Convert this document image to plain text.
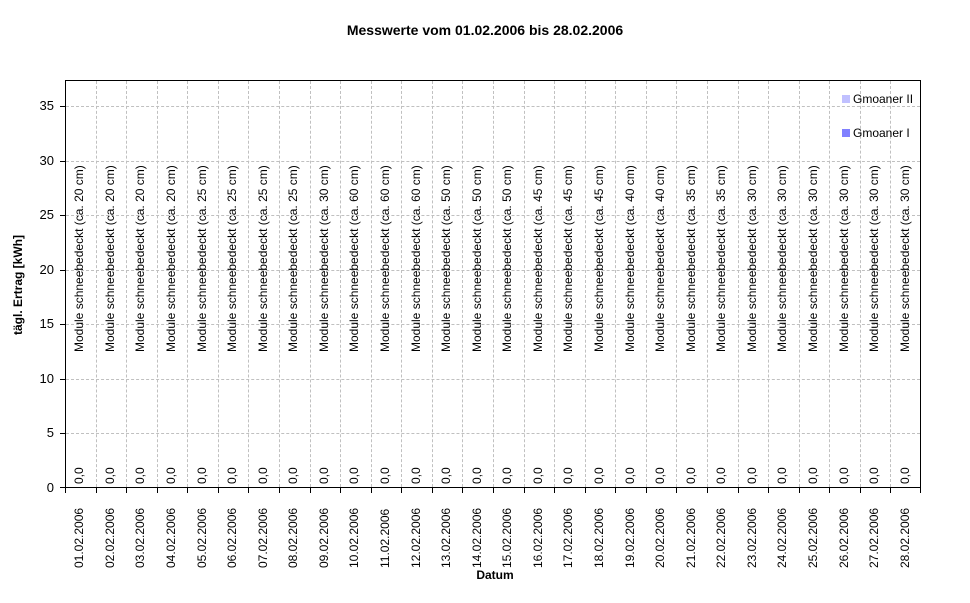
Messwerte vom 01.02.2006 bis 28.02.2006
0
5
10
15
20
25
30
35
01.02.2006 02.02.2006 03.02.2006 04.02.2006 05.02.2006 06.02.2006 07.02.2006 08.02.2006 09.02.2006 10.02.2006 11.02.2006 12.02.2006 13.02.2006 14.02.2006 15.02.2006 16.02.2006 17.02.2006 18.02.2006 19.02.2006 20.02.2006 21.02.2006 22.02.2006 23.02.2006 24.02.2006 25.02.2006 26.02.2006 27.02.2006 28.02.2006
Module schneebedeckt (ca. 20 cm)
0,0
Module schneebedeckt (ca. 20 cm)
0,0
Module schneebedeckt (ca. 20 cm)
0,0
Module schneebedeckt (ca. 20 cm)
0,0
Module schneebedeckt (ca. 25 cm)
0,0
Module schneebedeckt (ca. 25 cm)
0,0
Module schneebedeckt (ca. 25 cm)
0,0
Module schneebedeckt (ca. 25 cm)
0,0
Module schneebedeckt (ca. 30 cm)
0,0
Module schneebedeckt (ca. 60 cm)
0,0
Module schneebedeckt (ca. 60 cm)
0,0
Module schneebedeckt (ca. 60 cm)
0,0
Module schneebedeckt (ca. 50 cm)
0,0
Module schneebedeckt (ca. 50 cm)
0,0
Module schneebedeckt (ca. 50 cm)
0,0
Module schneebedeckt (ca. 45 cm)
0,0
Module schneebedeckt (ca. 45 cm)
0,0
Module schneebedeckt (ca. 45 cm)
0,0
Module schneebedeckt (ca. 40 cm)
0,0
Module schneebedeckt (ca. 40 cm)
0,0
Module schneebedeckt (ca. 35 cm)
0,0
Module schneebedeckt (ca. 35 cm)
0,0
Module schneebedeckt (ca. 30 cm)
0,0
Module schneebedeckt (ca. 30 cm)
0,0
Module schneebedeckt (ca. 30 cm)
0,0
Module schneebedeckt (ca. 30 cm)
0,0
Module schneebedeckt (ca. 30 cm)
0,0
Module schneebedeckt (ca. 30 cm)
0,0
tägl. Ertrag [kWh]
Datum
Gmoaner II
Gmoaner I
